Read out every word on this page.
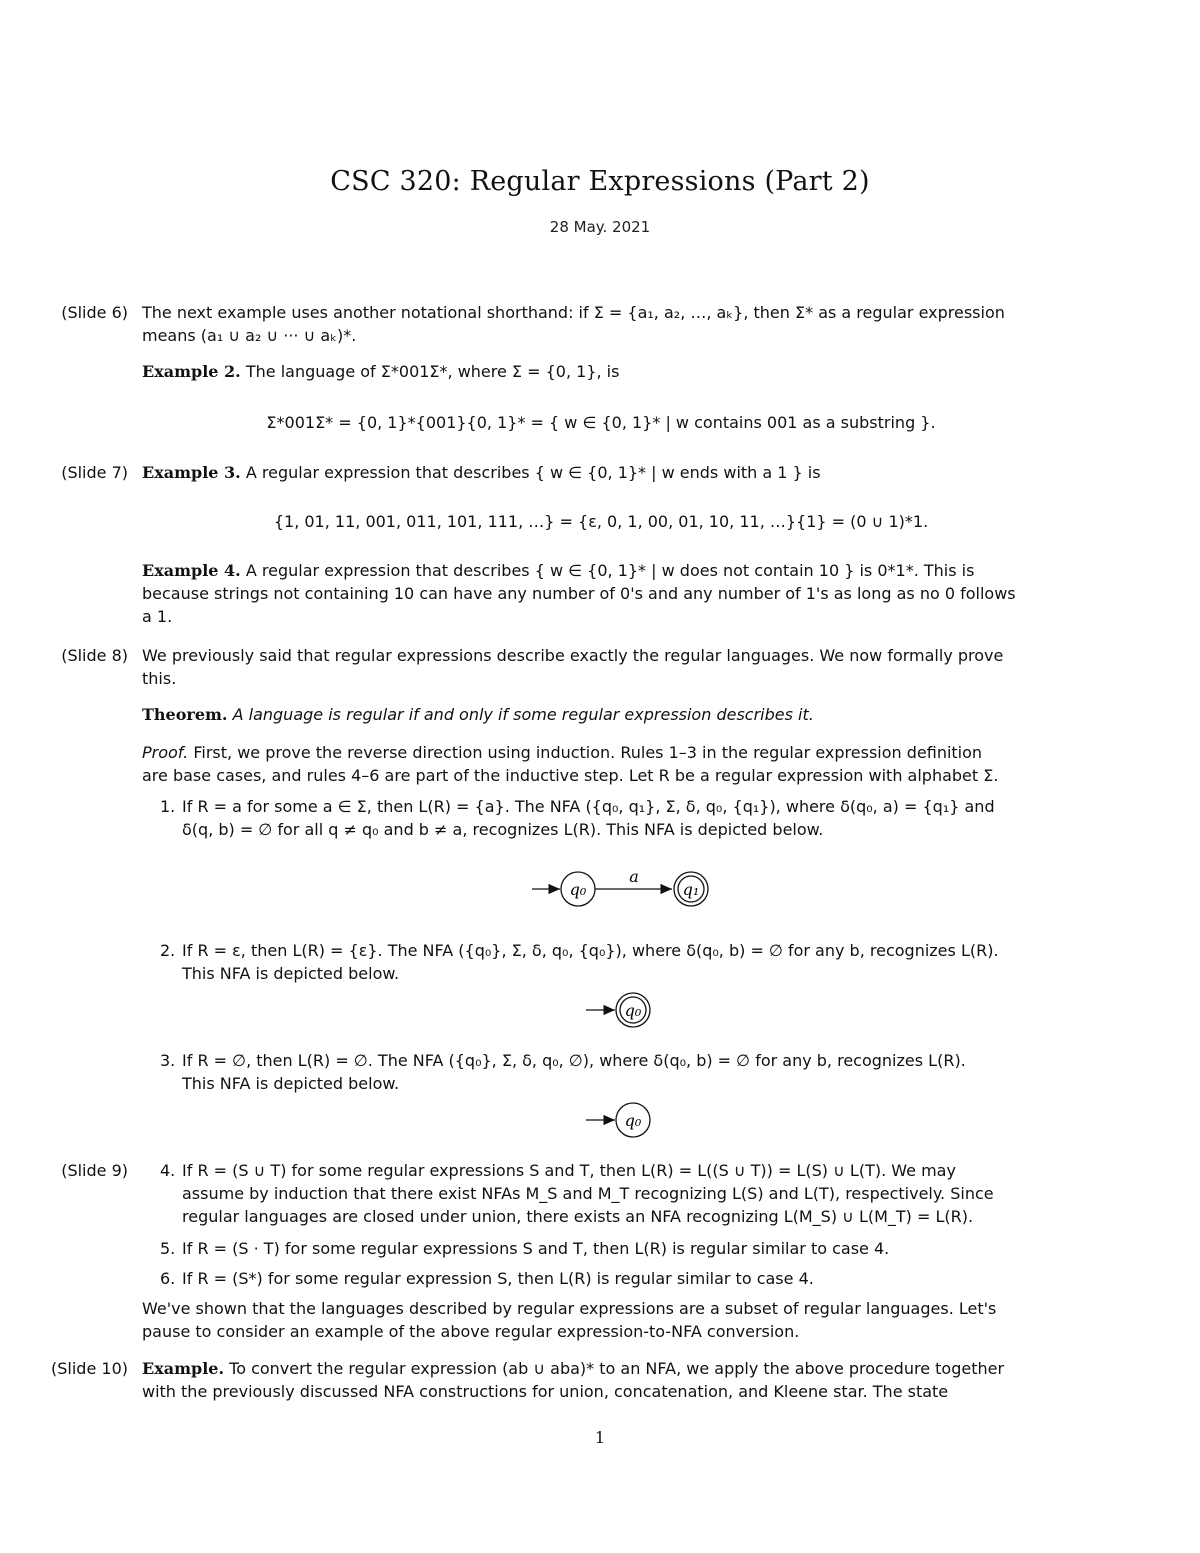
CSC 320: Regular Expressions (Part 2)
28 May. 2021
(Slide 6) The next example uses another notational shorthand: if Σ = {a₁, a₂, …, aₖ}, then Σ* as a regular expression
means (a₁ ∪ a₂ ∪ ··· ∪ aₖ)*.
Example 2. The language of Σ*001Σ*, where Σ = {0, 1}, is
Σ*001Σ* = {0, 1}*{001}{0, 1}* = { w ∈ {0, 1}* | w contains 001 as a substring }.
(Slide 7) Example 3. A regular expression that describes { w ∈ {0, 1}* | w ends with a 1 } is
{1, 01, 11, 001, 011, 101, 111, …} = {ε, 0, 1, 00, 01, 10, 11, …}{1} = (0 ∪ 1)*1.
Example 4. A regular expression that describes { w ∈ {0, 1}* | w does not contain 10 } is 0*1*. This is
because strings not containing 10 can have any number of 0's and any number of 1's as long as no 0 follows
a 1.
(Slide 8) We previously said that regular expressions describe exactly the regular languages. We now formally prove
this.
Theorem. A language is regular if and only if some regular expression describes it.
Proof. First, we prove the reverse direction using induction. Rules 1–3 in the regular expression definition
are base cases, and rules 4–6 are part of the inductive step. Let R be a regular expression with alphabet Σ.
1. If R = a for some a ∈ Σ, then L(R) = {a}. The NFA ({q₀, q₁}, Σ, δ, q₀, {q₁}), where δ(q₀, a) = {q₁} and
δ(q, b) = ∅ for all q ≠ q₀ and b ≠ a, recognizes L(R). This NFA is depicted below.
q₀
a
q₁
2. If R = ε, then L(R) = {ε}. The NFA ({q₀}, Σ, δ, q₀, {q₀}), where δ(q₀, b) = ∅ for any b, recognizes L(R).
This NFA is depicted below.
q₀
3. If R = ∅, then L(R) = ∅. The NFA ({q₀}, Σ, δ, q₀, ∅), where δ(q₀, b) = ∅ for any b, recognizes L(R).
This NFA is depicted below.
q₀
(Slide 9) 4. If R = (S ∪ T) for some regular expressions S and T, then L(R) = L((S ∪ T)) = L(S) ∪ L(T). We may
assume by induction that there exist NFAs M_S and M_T recognizing L(S) and L(T), respectively. Since
regular languages are closed under union, there exists an NFA recognizing L(M_S) ∪ L(M_T) = L(R).
5. If R = (S · T) for some regular expressions S and T, then L(R) is regular similar to case 4.
6. If R = (S*) for some regular expression S, then L(R) is regular similar to case 4.
We've shown that the languages described by regular expressions are a subset of regular languages. Let's
pause to consider an example of the above regular expression-to-NFA conversion.
(Slide 10) Example. To convert the regular expression (ab ∪ aba)* to an NFA, we apply the above procedure together
with the previously discussed NFA constructions for union, concatenation, and Kleene star. The state
1
